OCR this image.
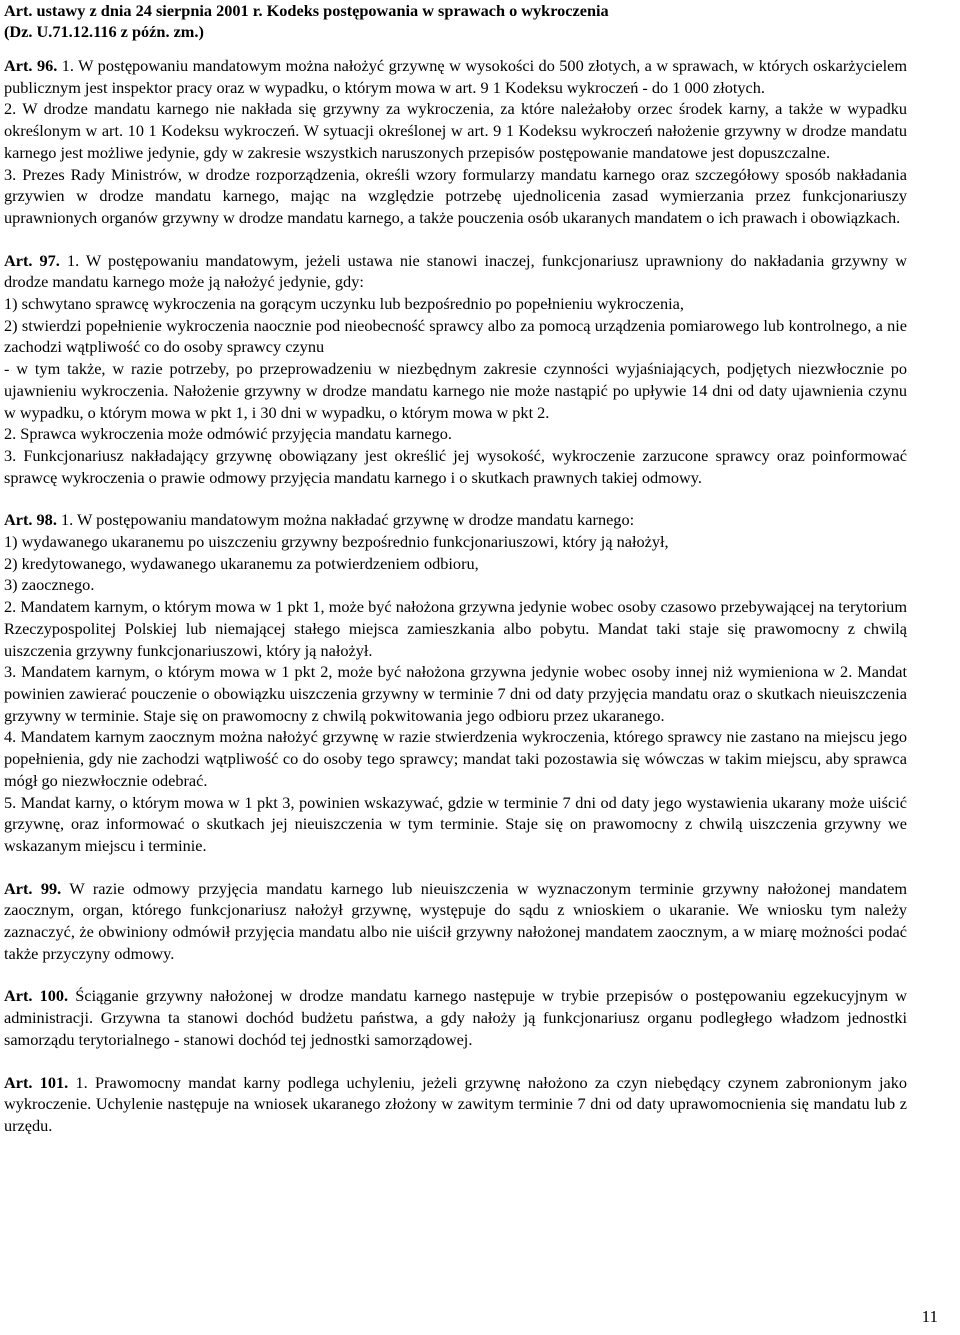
Art. ustawy z dnia 24 sierpnia 2001 r. Kodeks postępowania w sprawach o wykroczenia
(Dz. U.71.12.116 z późn. zm.)

Art. 96. 1. W postępowaniu mandatowym można nałożyć grzywnę w wysokości do 500 złotych, a w sprawach, w których oskarżycielem publicznym jest inspektor pracy oraz w wypadku, o którym mowa w art. 9 1 Kodeksu wykroczeń - do 1 000 złotych.

2. W drodze mandatu karnego nie nakłada się grzywny za wykroczenia, za które należałoby orzec środek karny, a także w wypadku określonym w art. 10 1 Kodeksu wykroczeń. W sytuacji określonej w art. 9 1 Kodeksu wykroczeń nałożenie grzywny w drodze mandatu karnego jest możliwe jedynie, gdy w zakresie wszystkich naruszonych przepisów postępowanie mandatowe jest dopuszczalne.

3. Prezes Rady Ministrów, w drodze rozporządzenia, określi wzory formularzy mandatu karnego oraz szczegółowy sposób nakładania grzywien w drodze mandatu karnego, mając na względzie potrzebę ujednolicenia zasad wymierzania przez funkcjonariuszy uprawnionych organów grzywny w drodze mandatu karnego, a także pouczenia osób ukaranych mandatem o ich prawach i obowiązkach.

Art. 97. 1. W postępowaniu mandatowym, jeżeli ustawa nie stanowi inaczej, funkcjonariusz uprawniony do nakładania grzywny w drodze mandatu karnego może ją nałożyć jedynie, gdy:

1) schwytano sprawcę wykroczenia na gorącym uczynku lub bezpośrednio po popełnieniu wykroczenia,

2) stwierdzi popełnienie wykroczenia naocznie pod nieobecność sprawcy albo za pomocą urządzenia pomiarowego lub kontrolnego, a nie zachodzi wątpliwość co do osoby sprawcy czynu

- w tym także, w razie potrzeby, po przeprowadzeniu w niezbędnym zakresie czynności wyjaśniających, podjętych niezwłocznie po ujawnieniu wykroczenia. Nałożenie grzywny w drodze mandatu karnego nie może nastąpić po upływie 14 dni od daty ujawnienia czynu w wypadku, o którym mowa w pkt 1, i 30 dni w wypadku, o którym mowa w pkt 2.

2. Sprawca wykroczenia może odmówić przyjęcia mandatu karnego.

3. Funkcjonariusz nakładający grzywnę obowiązany jest określić jej wysokość, wykroczenie zarzucone sprawcy oraz poinformować sprawcę wykroczenia o prawie odmowy przyjęcia mandatu karnego i o skutkach prawnych takiej odmowy.

Art. 98. 1. W postępowaniu mandatowym można nakładać grzywnę w drodze mandatu karnego:

1) wydawanego ukaranemu po uiszczeniu grzywny bezpośrednio funkcjonariuszowi, który ją nałożył,

2) kredytowanego, wydawanego ukaranemu za potwierdzeniem odbioru,

3) zaocznego.

2. Mandatem karnym, o którym mowa w 1 pkt 1, może być nałożona grzywna jedynie wobec osoby czasowo przebywającej na terytorium Rzeczypospolitej Polskiej lub niemającej stałego miejsca zamieszkania albo pobytu. Mandat taki staje się prawomocny z chwilą uiszczenia grzywny funkcjonariuszowi, który ją nałożył.

3. Mandatem karnym, o którym mowa w 1 pkt 2, może być nałożona grzywna jedynie wobec osoby innej niż wymieniona w 2. Mandat powinien zawierać pouczenie o obowiązku uiszczenia grzywny w terminie 7 dni od daty przyjęcia mandatu oraz o skutkach nieuiszczenia grzywny w terminie. Staje się on prawomocny z chwilą pokwitowania jego odbioru przez ukaranego.

4. Mandatem karnym zaocznym można nałożyć grzywnę w razie stwierdzenia wykroczenia, którego sprawcy nie zastano na miejscu jego popełnienia, gdy nie zachodzi wątpliwość co do osoby tego sprawcy; mandat taki pozostawia się wówczas w takim miejscu, aby sprawca mógł go niezwłocznie odebrać.

5. Mandat karny, o którym mowa w 1 pkt 3, powinien wskazywać, gdzie w terminie 7 dni od daty jego wystawienia ukarany może uiścić grzywnę, oraz informować o skutkach jej nieuiszczenia w tym terminie. Staje się on prawomocny z chwilą uiszczenia grzywny we wskazanym miejscu i terminie.

Art. 99. W razie odmowy przyjęcia mandatu karnego lub nieuiszczenia w wyznaczonym terminie grzywny nałożonej mandatem zaocznym, organ, którego funkcjonariusz nałożył grzywnę, występuje do sądu z wnioskiem o ukaranie. We wniosku tym należy zaznaczyć, że obwiniony odmówił przyjęcia mandatu albo nie uiścił grzywny nałożonej mandatem zaocznym, a w miarę możności podać także przyczyny odmowy.

Art. 100. Ściąganie grzywny nałożonej w drodze mandatu karnego następuje w trybie przepisów o postępowaniu egzekucyjnym w administracji. Grzywna ta stanowi dochód budżetu państwa, a gdy nałoży ją funkcjonariusz organu podległego władzom jednostki samorządu terytorialnego - stanowi dochód tej jednostki samorządowej.

Art. 101. 1. Prawomocny mandat karny podlega uchyleniu, jeżeli grzywnę nałożono za czyn niebędący czynem zabronionym jako wykroczenie. Uchylenie następuje na wniosek ukaranego złożony w zawitym terminie 7 dni od daty uprawomocnienia się mandatu lub z urzędu.

11
